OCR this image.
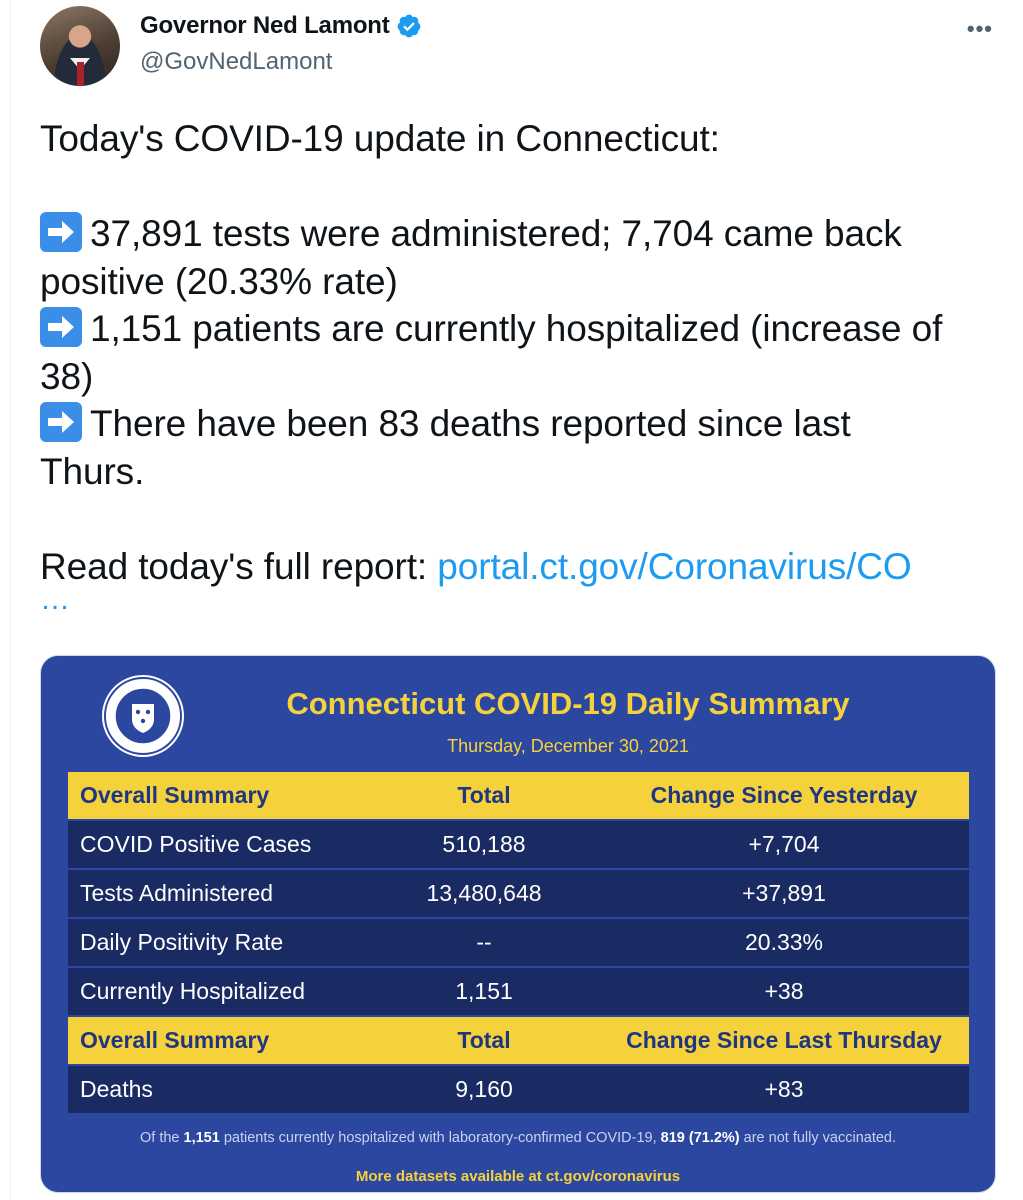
Governor Ned Lamont
@GovNedLamont
•••
Today's COVID-19 update in Connecticut:

37,891 tests were administered; 7,704 came back
positive (20.33% rate)
1,151 patients are currently hospitalized (increase of
38)
There have been 83 deaths reported since last
Thurs.

Read today's full report: portal.ct.gov/Coronavirus/CO
…
Connecticut COVID-19 Daily Summary
Thursday, December 30, 2021
Overall Summary	Total	Change Since Yesterday
COVID Positive Cases	510,188	+7,704
Tests Administered	13,480,648	+37,891
Daily Positivity Rate	--	20.33%
Currently Hospitalized	1,151	+38
Overall Summary	Total	Change Since Last Thursday
Deaths	9,160	+83
Of the 1,151 patients currently hospitalized with laboratory-confirmed COVID-19, 819 (71.2%) are not fully vaccinated.
More datasets available at ct.gov/coronavirus
